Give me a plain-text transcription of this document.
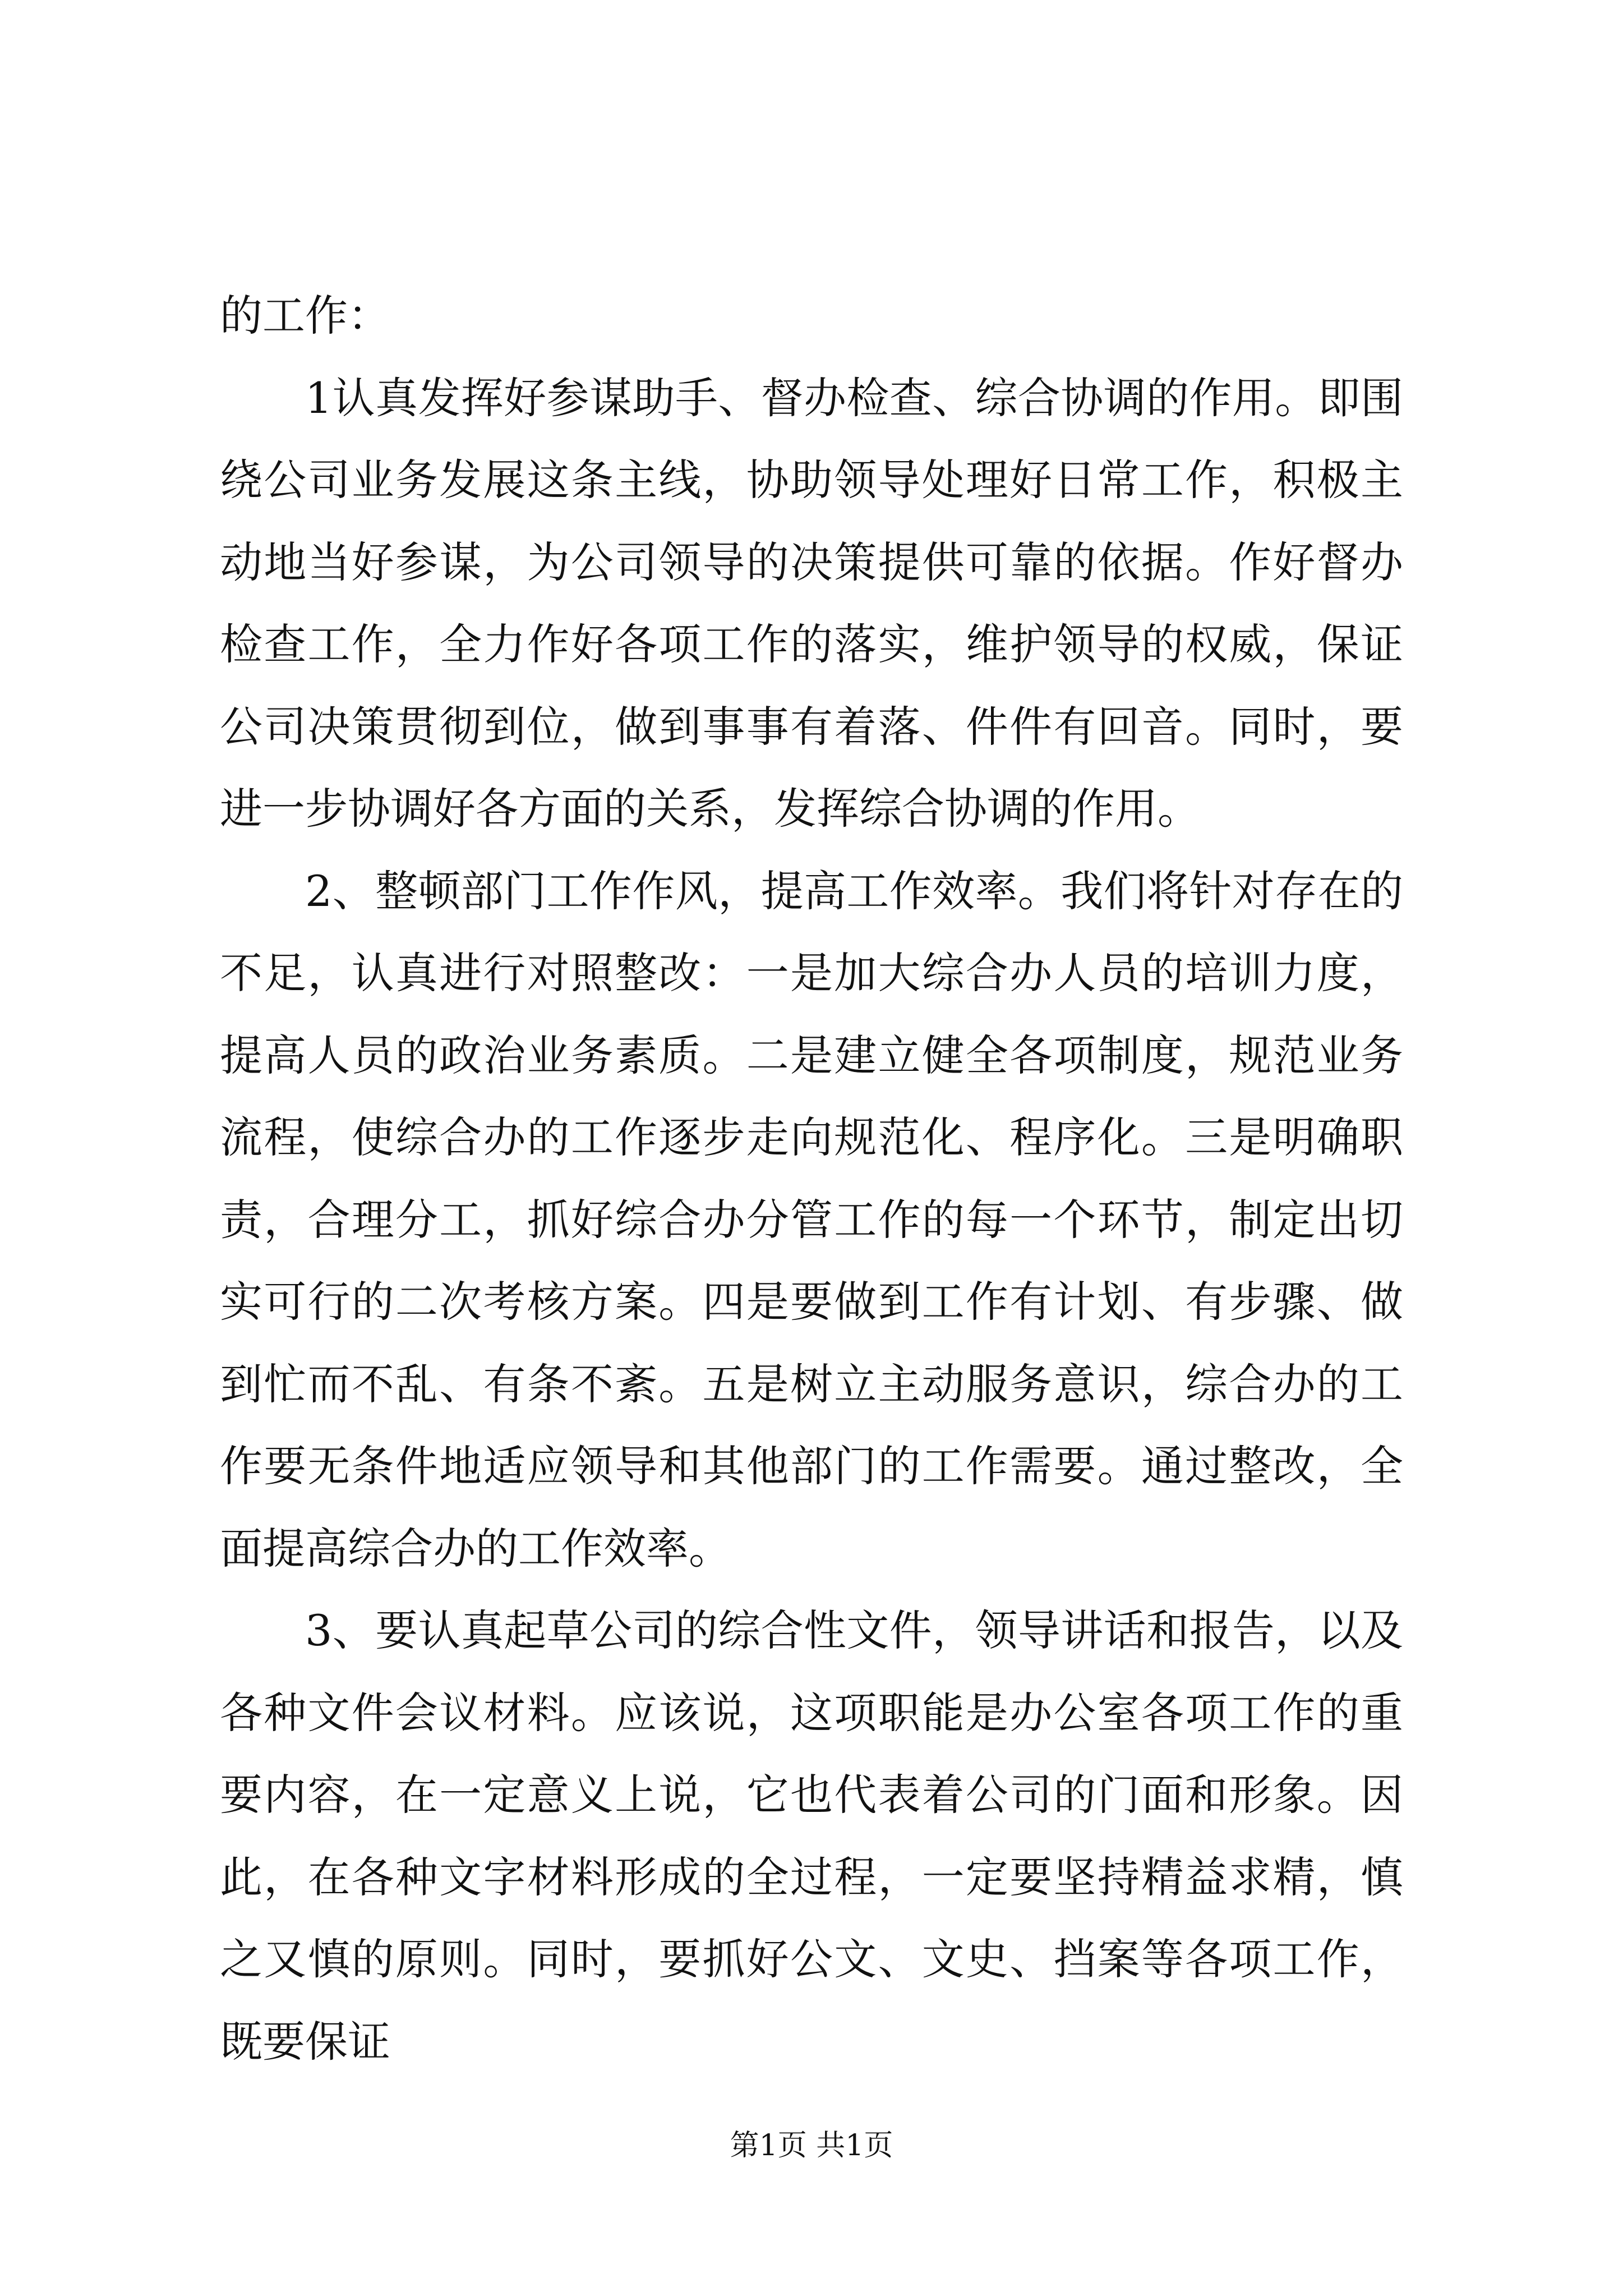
的工作：

1认真发挥好参谋助手、督办检查、综合协调的作用。即围绕公司业务发展这条主线，协助领导处理好日常工作，积极主动地当好参谋，为公司领导的决策提供可靠的依据。作好督办检查工作，全力作好各项工作的落实，维护领导的权威，保证公司决策贯彻到位，做到事事有着落、件件有回音。同时，要进一步协调好各方面的关系，发挥综合协调的作用。

2、整顿部门工作作风，提高工作效率。我们将针对存在的不足，认真进行对照整改：一是加大综合办人员的培训力度，提高人员的政治业务素质。二是建立健全各项制度，规范业务流程，使综合办的工作逐步走向规范化、程序化。三是明确职责，合理分工，抓好综合办分管工作的每一个环节，制定出切实可行的二次考核方案。四是要做到工作有计划、有步骤、做到忙而不乱、有条不紊。五是树立主动服务意识，综合办的工作要无条件地适应领导和其他部门的工作需要。通过整改，全面提高综合办的工作效率。

3、要认真起草公司的综合性文件，领导讲话和报告，以及各种文件会议材料。应该说，这项职能是办公室各项工作的重要内容，在一定意义上说，它也代表着公司的门面和形象。因此，在各种文字材料形成的全过程，一定要坚持精益求精，慎之又慎的原则。同时，要抓好公文、文史、挡案等各项工作，既要保证

第1页 共1页
